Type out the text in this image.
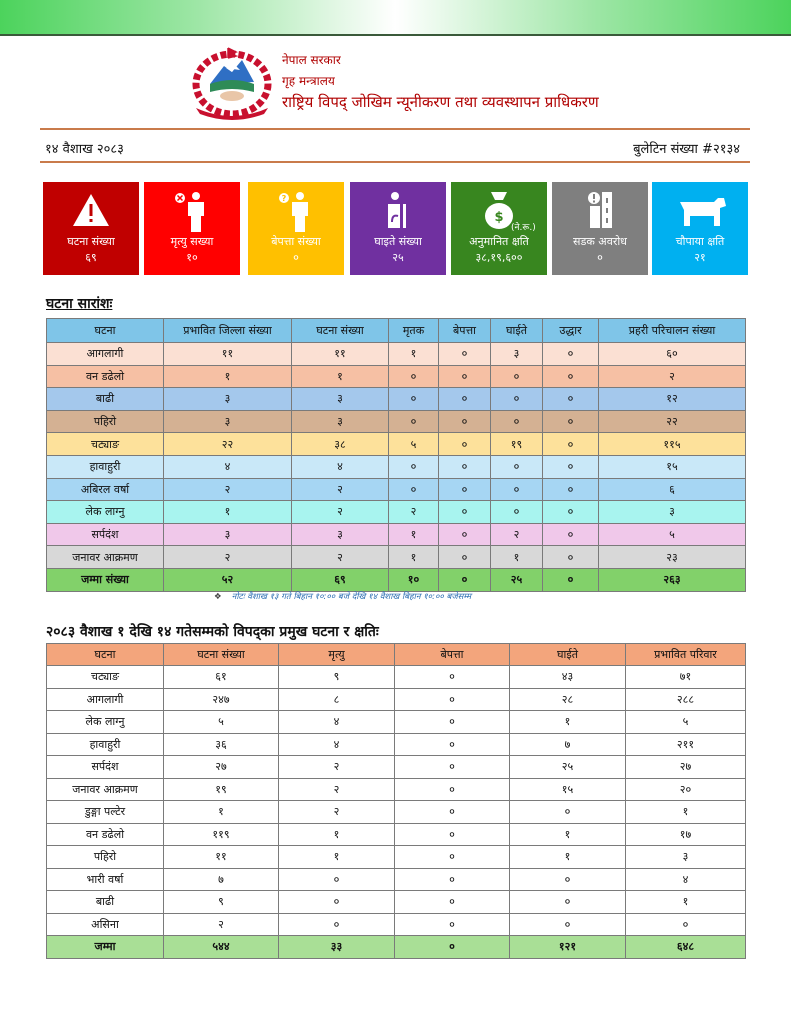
नेपाल सरकार
गृह मन्त्रालय
राष्ट्रिय विपद् जोखिम न्यूनीकरण तथा व्यवस्थापन प्राधिकरण
१४ वैशाख २०८३	बुलेटिन संख्या #२१३४
घटना संख्या
६९
मृत्यु सख्या
१०
?
बेपत्ता संख्या
०
घाइते संख्या
२५
$
(ने.रू.)
अनुमानित क्षति
३८,१९,६००
सडक अवरोध
०
चौपाया क्षति
२१
घटना सारांशः
घटना	प्रभावित जिल्ला संख्या	घटना संख्या	मृतक	बेपत्ता	घाईते	उद्धार	प्रहरी परिचालन संख्या
आगलागी	११	११	१	०	३	०	६०
वन डढेलो	१	१	०	०	०	०	२
बाढी	३	३	०	०	०	०	१२
पहिरो	३	३	०	०	०	०	२२
चट्याङ	२२	३८	५	०	१९	०	११५
हावाहुरी	४	४	०	०	०	०	१५
अबिरल वर्षा	२	२	०	०	०	०	६
लेक लाग्नु	१	२	२	०	०	०	३
सर्पदंश	३	३	१	०	२	०	५
जनावर आक्रमण	२	२	१	०	१	०	२३
जम्मा संख्या	५२	६९	१०	०	२५	०	२६३
❖ नोटः वैशाख १३ गते बिहान १०:०० बजे देखि १४ वैशाख बिहान १०:०० बजेसम्म
२०८३ वैशाख १ देखि १४ गतेसम्मको विपद्का प्रमुख घटना र क्षतिः
घटना	घटना संख्या	मृत्यु	बेपत्ता	घाईते	प्रभावित परिवार
चट्याङ	६१	९	०	४३	७१
आगलागी	२४७	८	०	२८	२८८
लेक लाग्नु	५	४	०	१	५
हावाहुरी	३६	४	०	७	२११
सर्पदंश	२७	२	०	२५	२७
जनावर आक्रमण	१९	२	०	१५	२०
डुङ्गा पल्टेर	१	२	०	०	१
वन डढेलो	११९	१	०	१	१७
पहिरो	११	१	०	१	३
भारी वर्षा	७	०	०	०	४
बाढी	९	०	०	०	१
असिना	२	०	०	०	०
जम्मा	५४४	३३	०	१२१	६४८
